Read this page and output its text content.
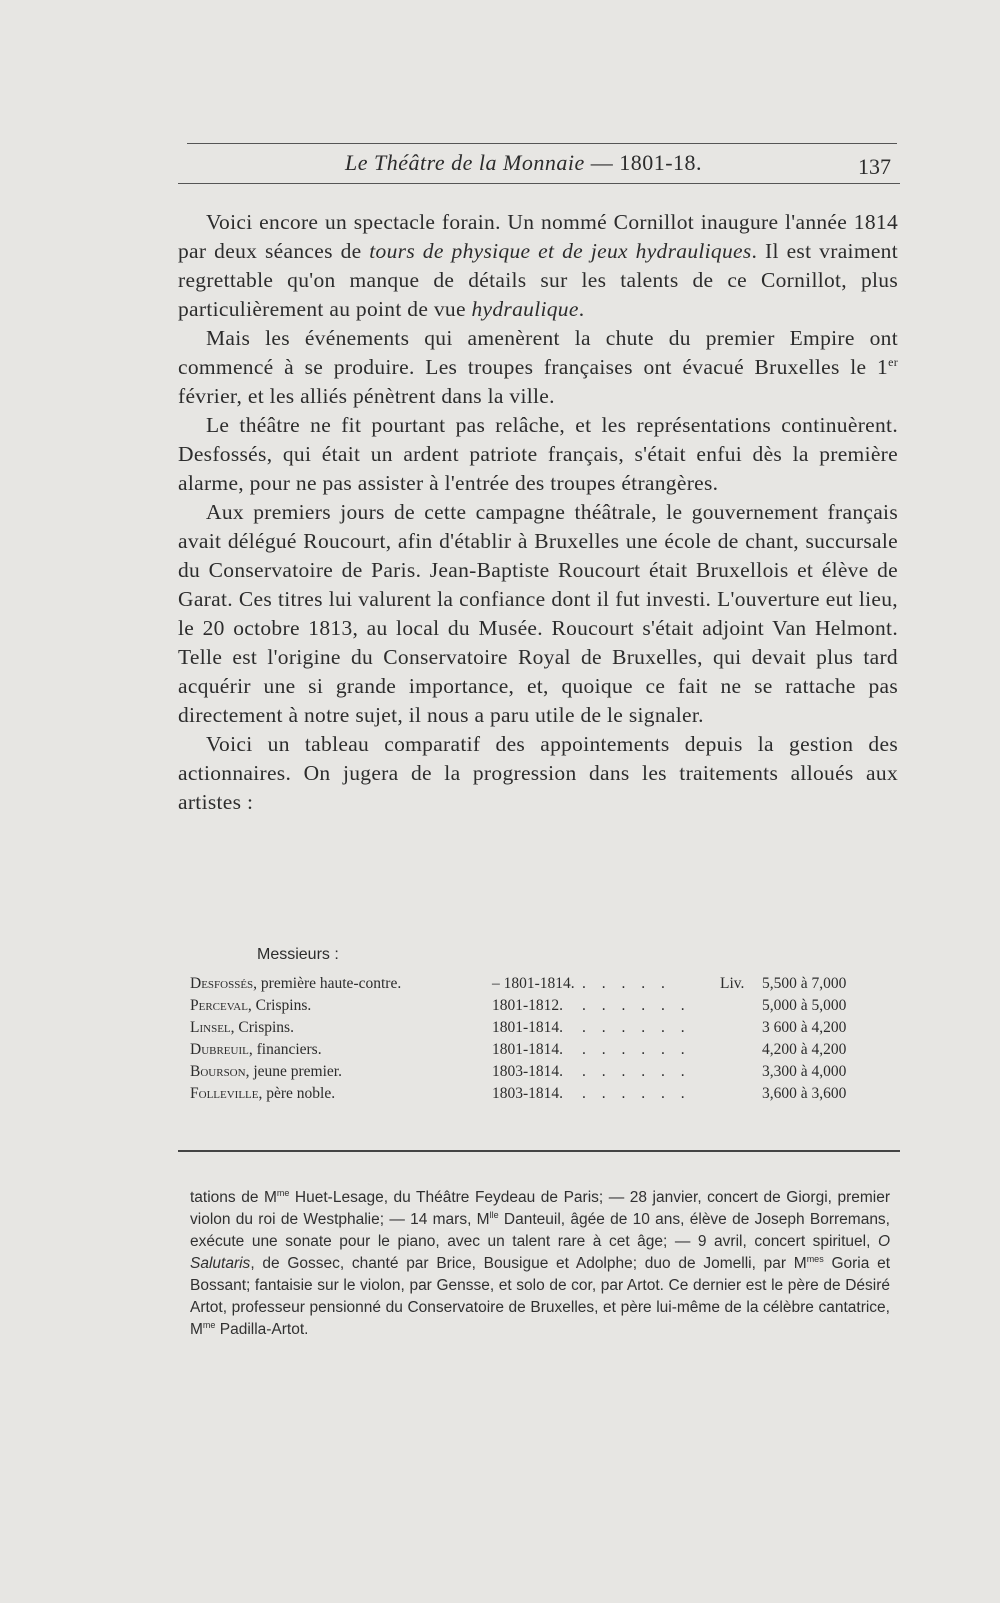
Le Théâtre de la Monnaie — 1801-18.	137

Voici encore un spectacle forain. Un nommé Cornillot inaugure l'année 1814 par deux séances de tours de physique et de jeux hydrauliques. Il est vraiment regrettable qu'on manque de détails sur les talents de ce Cornillot, plus particulièrement au point de vue hydraulique.

Mais les événements qui amenèrent la chute du premier Empire ont commencé à se produire. Les troupes françaises ont évacué Bruxelles le 1er février, et les alliés pénètrent dans la ville.

Le théâtre ne fit pourtant pas relâche, et les représentations continuèrent. Desfossés, qui était un ardent patriote français, s'était enfui dès la première alarme, pour ne pas assister à l'entrée des troupes étrangères.

Aux premiers jours de cette campagne théâtrale, le gouvernement français avait délégué Roucourt, afin d'établir à Bruxelles une école de chant, succursale du Conservatoire de Paris. Jean-Baptiste Roucourt était Bruxellois et élève de Garat. Ces titres lui valurent la confiance dont il fut investi. L'ouverture eut lieu, le 20 octobre 1813, au local du Musée. Roucourt s'était adjoint Van Helmont. Telle est l'origine du Conservatoire Royal de Bruxelles, qui devait plus tard acquérir une si grande importance, et, quoique ce fait ne se rattache pas directement à notre sujet, il nous a paru utile de le signaler.

Voici un tableau comparatif des appointements depuis la gestion des actionnaires. On jugera de la progression dans les traitements alloués aux artistes :

Messieurs :
Desfossés, première haute-contre.	– 1801-1814. . . . . .	Liv. 5,500 à 7,000
Perceval, Crispins.	1801-1812. . . . . . .	5,000 à 5,000
Linsel, Crispins.	1801-1814. . . . . . .	3 600 à 4,200
Dubreuil, financiers.	1801-1814. . . . . . .	4,200 à 4,200
Bourson, jeune premier.	1803-1814. . . . . . .	3,300 à 4,000
Folleville, père noble.	1803-1814. . . . . . .	3,600 à 3,600
tations de $M^{me}$ Huet-Lesage, du Théâtre Feydeau de Paris; — 28 janvier, concert de Giorgi, premier violon du roi de Westphalie; — 14 mars, $M^{lle}$ Danteuil, âgée de 10 ans, élève de Joseph Borremans, exécute une sonate pour le piano, avec un talent rare à cet âge; — 9 avril, concert spirituel, O Salutaris, de Gossec, chanté par Brice, Bousigue et Adolphe; duo de Jomelli, par $M^{mes}$ Goria et Bossant; fantaisie sur le violon, par Gensse, et solo de cor, par Artot. Ce dernier est le père de Désiré Artot, professeur pensionné du Conservatoire de Bruxelles, et père lui-même de la célèbre cantatrice, $M^{me}$ Padilla-Artot.
